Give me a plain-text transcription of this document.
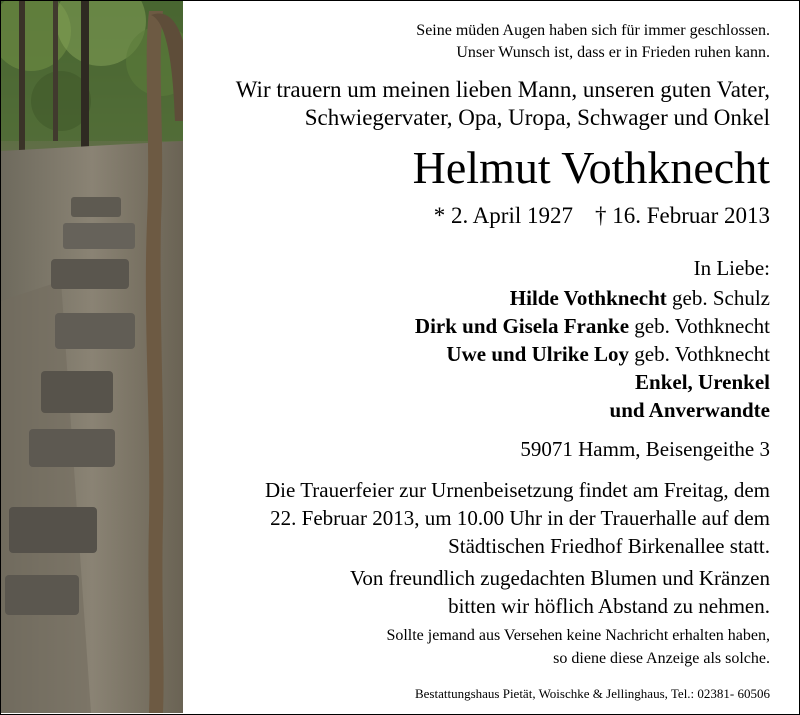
Seine müden Augen haben sich für immer geschlossen.
Unser Wunsch ist, dass er in Frieden ruhen kann.
Wir trauern um meinen lieben Mann, unseren guten Vater,
Schwiegervater, Opa, Uropa, Schwager und Onkel
Helmut Vothknecht
* 2. April 1927 † 16. Februar 2013
In Liebe:
Hilde Vothknecht geb. Schulz
Dirk und Gisela Franke geb. Vothknecht
Uwe und Ulrike Loy geb. Vothknecht
Enkel, Urenkel
und Anverwandte
59071 Hamm, Beisengeithe 3
Die Trauerfeier zur Urnenbeisetzung findet am Freitag, dem
22. Februar 2013, um 10.00 Uhr in der Trauerhalle auf dem
Städtischen Friedhof Birkenallee statt.
Von freundlich zugedachten Blumen und Kränzen
bitten wir höflich Abstand zu nehmen.
Sollte jemand aus Versehen keine Nachricht erhalten haben,
so diene diese Anzeige als solche.
Bestattungshaus Pietät, Woischke & Jellinghaus, Tel.: 02381- 60506
